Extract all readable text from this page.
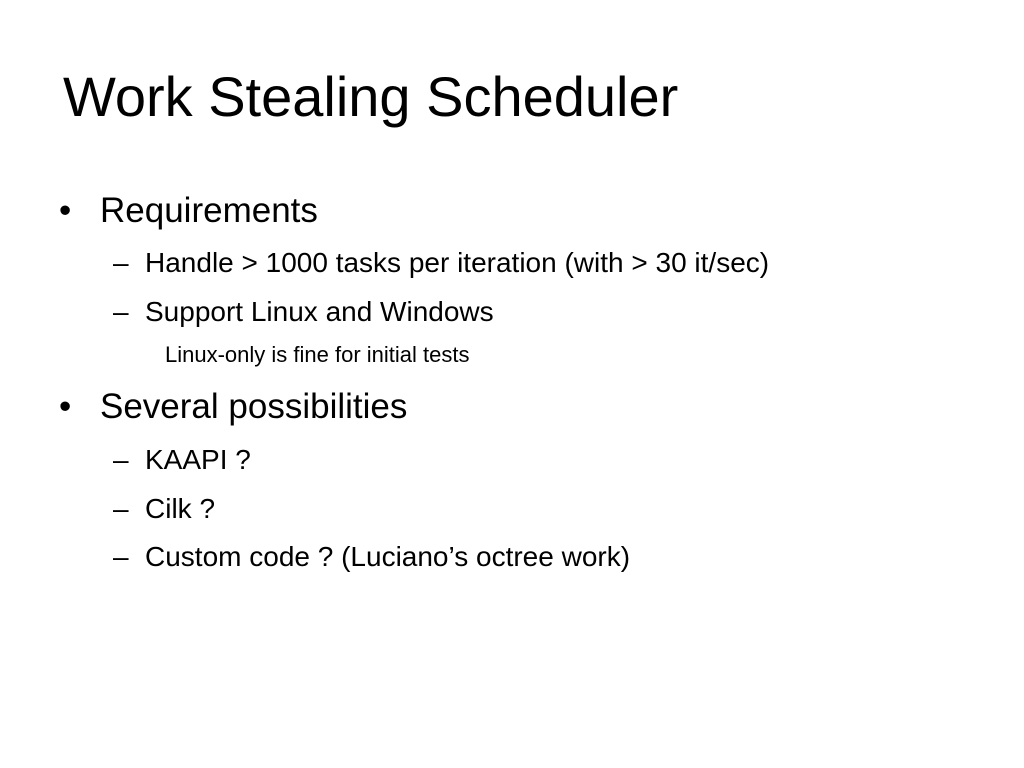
Work Stealing Scheduler
• Requirements
– Handle > 1000 tasks per iteration (with > 30 it/sec)
– Support Linux and Windows
Linux-only is fine for initial tests
• Several possibilities
– KAAPI ?
– Cilk ?
– Custom code ? (Luciano’s octree work)
